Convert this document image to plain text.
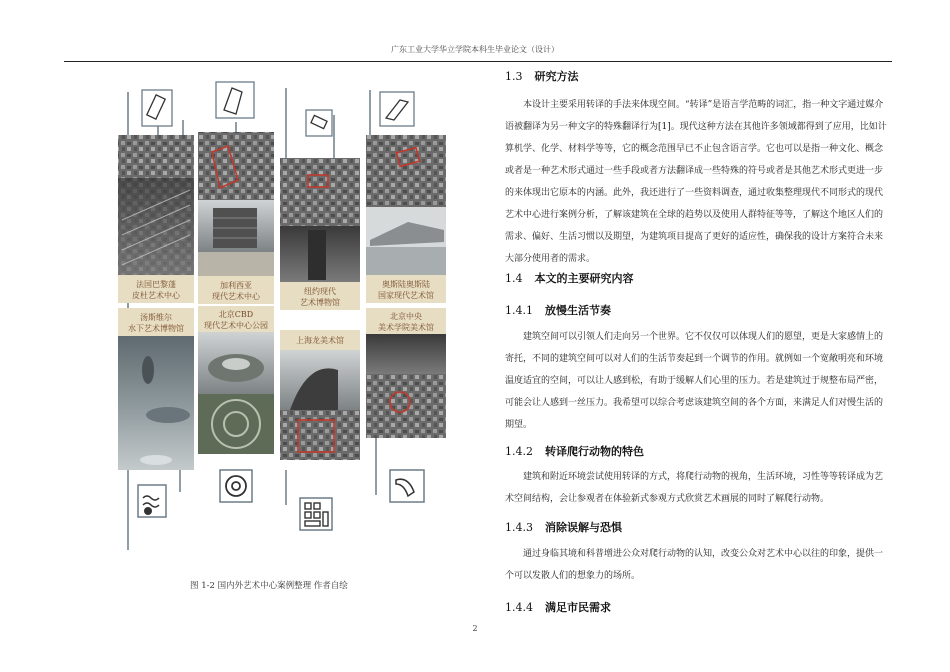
广东工业大学华立学院本科生毕业论文（设计）
法国巴黎蓬
皮杜艺术中心
汤斯维尔
水下艺术博物馆
加利西亚
现代艺术中心
北京CBD
现代艺术中心公园
纽约现代
艺术博物馆
上海龙美术馆
奥斯陆奥斯陆
国家现代艺术馆
北京中央
美术学院美术馆
图 1-2 国内外艺术中心案例整理 作者自绘
1.3 研究方法

本设计主要采用转译的手法来体现空间。“转译”是语言学范畴的词汇，指一种文字通过媒介

语被翻译为另一种文字的特殊翻译行为[1]。现代这种方法在其他许多领域都得到了应用，比如计

算机学、化学、材料学等等，它的概念范围早已不止包含语言学。它也可以是指一种文化、概念

或者是一种艺术形式通过一些手段或者方法翻译成一些特殊的符号或者是其他艺术形式更进一步

的来体现出它原本的内涵。此外，我还进行了一些资料调查，通过收集整理现代不同形式的现代

艺术中心进行案例分析，了解该建筑在全球的趋势以及使用人群特征等等，了解这个地区人们的

需求、偏好、生活习惯以及期望，为建筑项目提高了更好的适应性，确保我的设计方案符合未来

大部分使用者的需求。

1.4 本文的主要研究内容
1.4.1 放慢生活节奏

建筑空间可以引领人们走向另一个世界。它不仅仅可以体现人们的愿望，更是大家感情上的

寄托，不同的建筑空间可以对人们的生活节奏起到一个调节的作用。就例如一个宽敞明亮和环境

温度适宜的空间，可以让人感到松，有助于缓解人们心里的压力。若是建筑过于规整布局严密，

可能会让人感到一丝压力。我希望可以综合考虑该建筑空间的各个方面，来满足人们对慢生活的

期望。

1.4.2 转译爬行动物的特色

建筑和附近环境尝试使用转译的方式，将爬行动物的视角，生活环境，习性等等转译成为艺

术空间结构，会让参观者在体验新式参观方式欣赏艺术画展的同时了解爬行动物。

1.4.3 消除误解与恐惧

通过身临其境和科普增进公众对爬行动物的认知，改变公众对艺术中心以往的印象，提供一

个可以发散人们的想象力的场所。

1.4.4 满足市民需求
2
